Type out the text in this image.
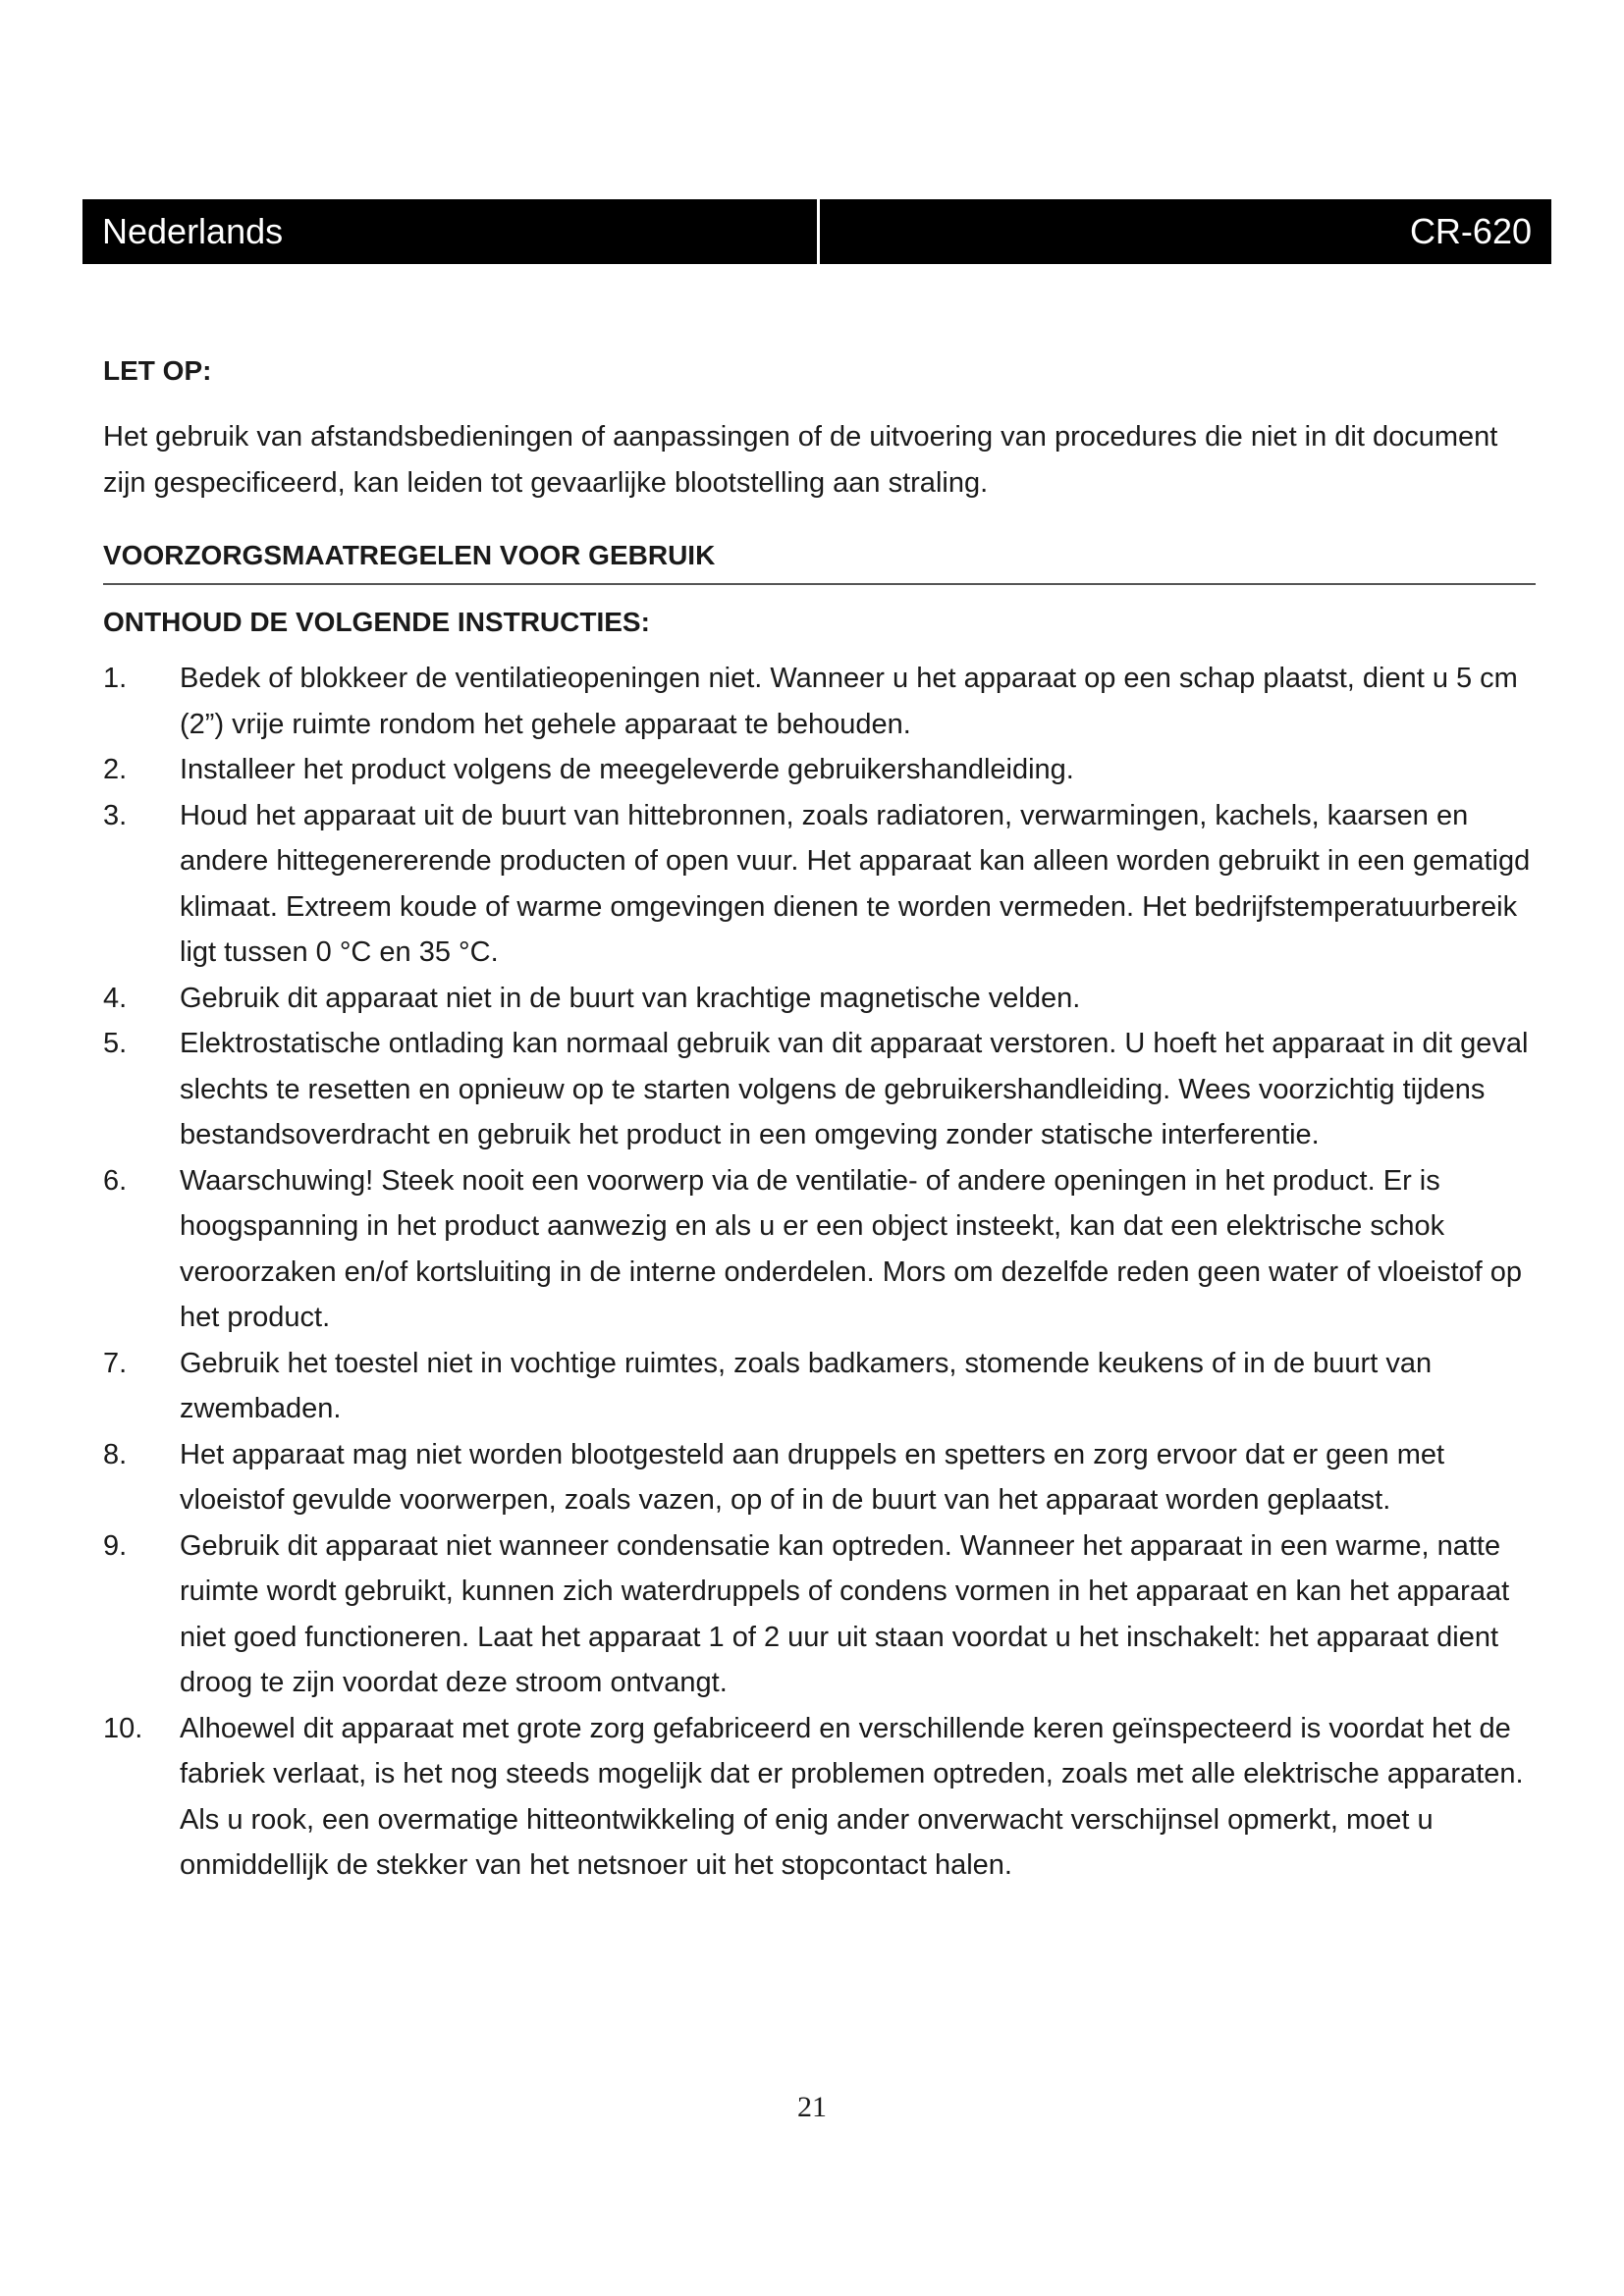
Nederlands	CR-620
LET OP:

Het gebruik van afstandsbedieningen of aanpassingen of de uitvoering van procedures die niet in dit document zijn gespecificeerd, kan leiden tot gevaarlijke blootstelling aan straling.

VOORZORGSMAATREGELEN VOOR GEBRUIK
ONTHOUD DE VOLGENDE INSTRUCTIES:
1.	Bedek of blokkeer de ventilatieopeningen niet. Wanneer u het apparaat op een schap plaatst, dient u 5 cm (2”) vrije ruimte rondom het gehele apparaat te behouden.
2.	Installeer het product volgens de meegeleverde gebruikershandleiding.
3.	Houd het apparaat uit de buurt van hittebronnen, zoals radiatoren, verwarmingen, kachels, kaarsen en andere hittegenererende producten of open vuur. Het apparaat kan alleen worden gebruikt in een gematigd klimaat. Extreem koude of warme omgevingen dienen te worden vermeden. Het bedrijfstemperatuurbereik ligt tussen 0 °C en 35 °C.
4.	Gebruik dit apparaat niet in de buurt van krachtige magnetische velden.
5.	Elektrostatische ontlading kan normaal gebruik van dit apparaat verstoren. U hoeft het apparaat in dit geval slechts te resetten en opnieuw op te starten volgens de gebruikershandleiding. Wees voorzichtig tijdens bestandsoverdracht en gebruik het product in een omgeving zonder statische interferentie.
6.	Waarschuwing! Steek nooit een voorwerp via de ventilatie- of andere openingen in het product. Er is hoogspanning in het product aanwezig en als u er een object insteekt, kan dat een elektrische schok veroorzaken en/of kortsluiting in de interne onderdelen. Mors om dezelfde reden geen water of vloeistof op het product.
7.	Gebruik het toestel niet in vochtige ruimtes, zoals badkamers, stomende keukens of in de buurt van zwembaden.
8.	Het apparaat mag niet worden blootgesteld aan druppels en spetters en zorg ervoor dat er geen met vloeistof gevulde voorwerpen, zoals vazen, op of in de buurt van het apparaat worden geplaatst.
9.	Gebruik dit apparaat niet wanneer condensatie kan optreden. Wanneer het apparaat in een warme, natte ruimte wordt gebruikt, kunnen zich waterdruppels of condens vormen in het apparaat en kan het apparaat niet goed functioneren. Laat het apparaat 1 of 2 uur uit staan voordat u het inschakelt: het apparaat dient droog te zijn voordat deze stroom ontvangt.
10.	Alhoewel dit apparaat met grote zorg gefabriceerd en verschillende keren geïnspecteerd is voordat het de fabriek verlaat, is het nog steeds mogelijk dat er problemen optreden, zoals met alle elektrische apparaten. Als u rook, een overmatige hitteontwikkeling of enig ander onverwacht verschijnsel opmerkt, moet u onmiddellijk de stekker van het netsnoer uit het stopcontact halen.
21
